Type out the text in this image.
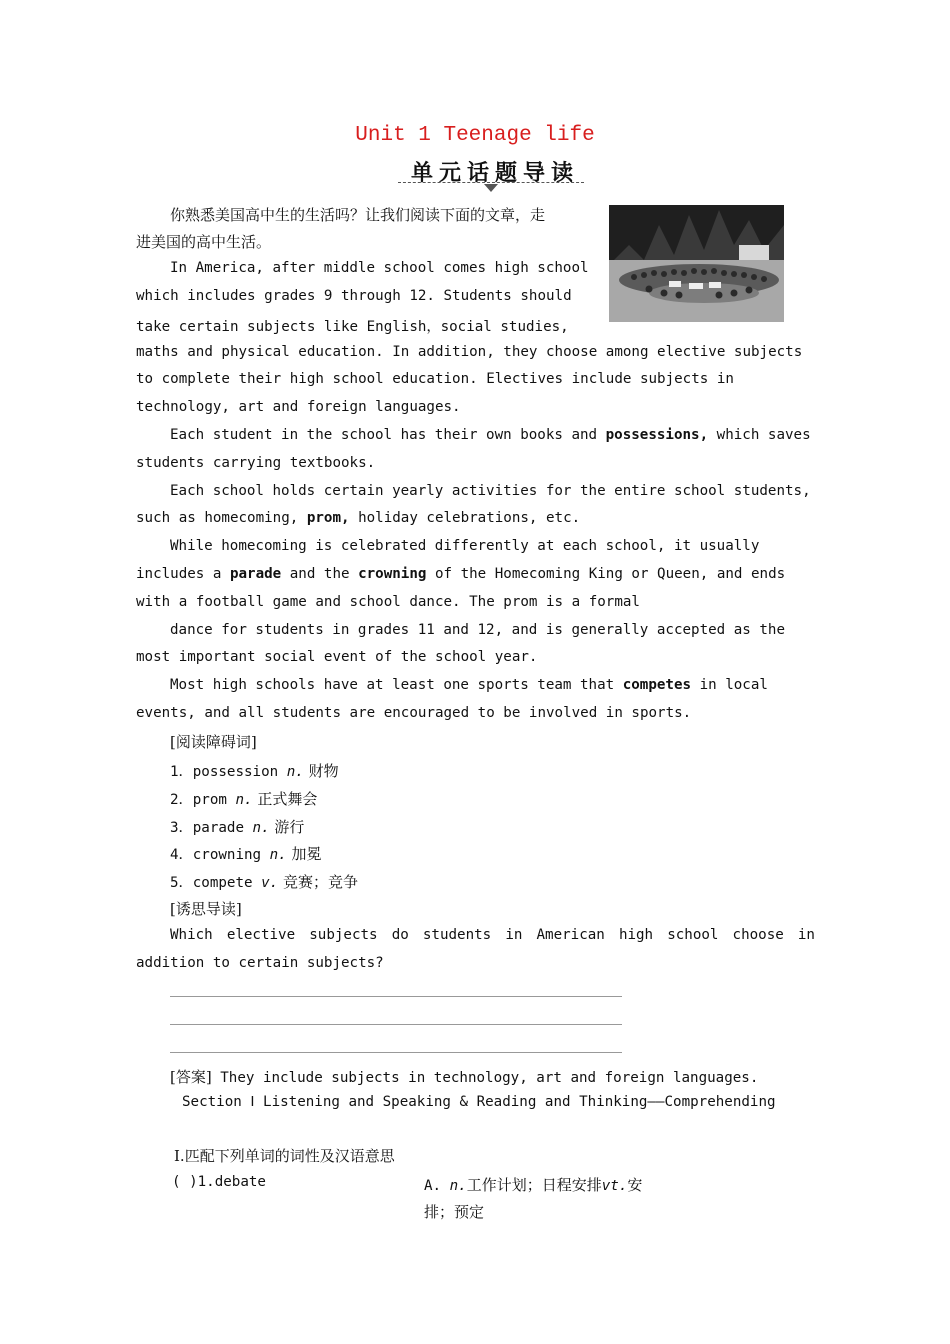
Unit 1 Teenage life
单元话题导读
你熟悉美国高中生的生活吗？让我们阅读下面的文章，走
进美国的高中生活。
In America, after middle school comes high school
which includes grades 9 through 12. Students should
take certain subjects like English，social studies,
maths and physical education. In addition, they choose among elective subjects
to complete their high school education. Electives include subjects in
technology, art and foreign languages.
Each student in the school has their own books and possessions, which saves
students carrying textbooks.
Each school holds certain yearly activities for the entire school students,
such as homecoming, prom, holiday celebrations, etc.
While homecoming is celebrated differently at each school, it usually
includes a parade and the crowning of the Homecoming King or Queen, and ends
with a football game and school dance. The prom is a formal
dance for students in grades 11 and 12, and is generally accepted as the
most important social event of the school year.
Most high schools have at least one sports team that competes in local
events, and all students are encouraged to be involved in sports.
[阅读障碍词]
1．possession n. 财物
2．prom n. 正式舞会
3．parade n. 游行
4．crowning n. 加冕
5．compete v. 竞赛；竞争
[诱思导读]
Which elective subjects do students in American high school choose in
addition to certain subjects?
[答案] They include subjects in technology, art and foreign languages.
Section Ⅰ Listening and Speaking & Reading and Thinking——Comprehending
Ⅰ.匹配下列单词的词性及汉语意思
( )1.debate	A. n.工作计划；日程安排vt.安
排；预定
